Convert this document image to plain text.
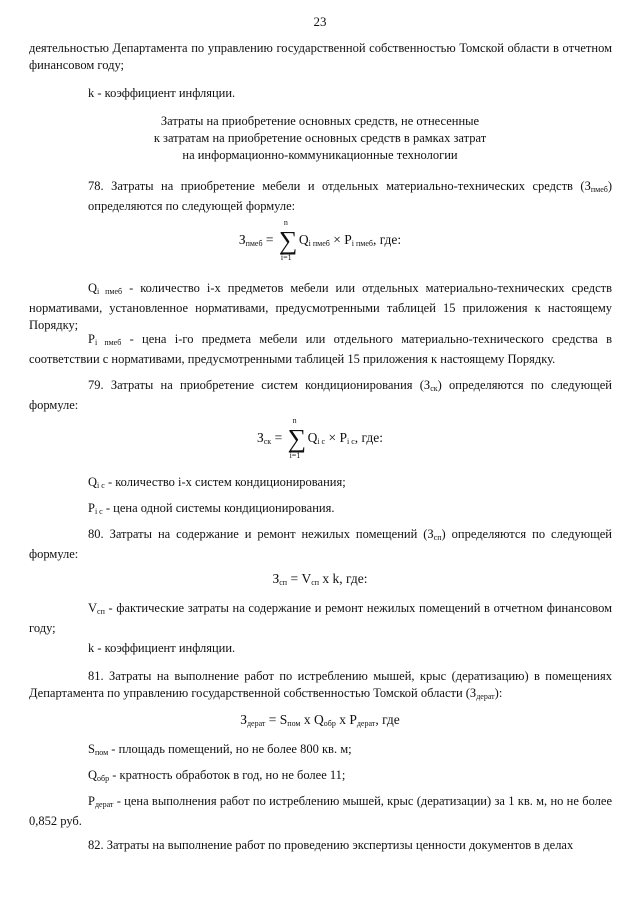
23

деятельностью Департамента по управлению государственной собственностью Томской области в отчетном финансовом году;

k - коэффициент инфляции.

Затраты на приобретение основных средств, не отнесенные
к затратам на приобретение основных средств в рамках затрат
на информационно-коммуникационные технологии

78. Затраты на приобретение мебели и отдельных материально-технических средств $(З_{пмеб})$ определяются по следующей формуле:

$З_{пмеб}$ =
n
∑
i=1
$Q_{i пмеб} \times P_{i пмеб}$, где:

$Q_{i пмеб}$ - количество i-х предметов мебели или отдельных материально-технических средств нормативами, установленное нормативами, предусмотренными таблицей 15 приложения к настоящему Порядку;

$P_{i пмеб}$ - цена i-го предмета мебели или отдельного материально-технического средства в соответствии с нормативами, предусмотренными таблицей 15 приложения к настоящему Порядку.

79. Затраты на приобретение систем кондиционирования $(З_{ск})$ определяются по следующей формуле:

$З_{ск}$ =
n
∑
i=1
$Q_{i с} \times P_{i с}$, где:

$Q_{i с}$ - количество i-х систем кондиционирования;

$P_{i с}$ - цена одной системы кондиционирования.

80. Затраты на содержание и ремонт нежилых помещений $(З_{сп})$ определяются по следующей формуле:

$З_{сп} = V_{сп}$ x k, где:

$V_{сп}$ - фактические затраты на содержание и ремонт нежилых помещений в отчетном финансовом году;

k - коэффициент инфляции.

81. Затраты на выполнение работ по истреблению мышей, крыс (дератизацию) в помещениях Департамента по управлению государственной собственностью Томской области $(З_{дерат})$:

$З_{дерат} = S_{пом}$ x $Q_{обр}$ x $P_{дерат}$, где

$S_{пом}$ - площадь помещений, но не более 800 кв. м;

$Q_{обр}$ - кратность обработок в год, но не более 11;

$P_{дерат}$ - цена выполнения работ по истреблению мышей, крыс (дератизации) за 1 кв. м, но не более 0,852 руб.

82. Затраты на выполнение работ по проведению экспертизы ценности документов в делах
